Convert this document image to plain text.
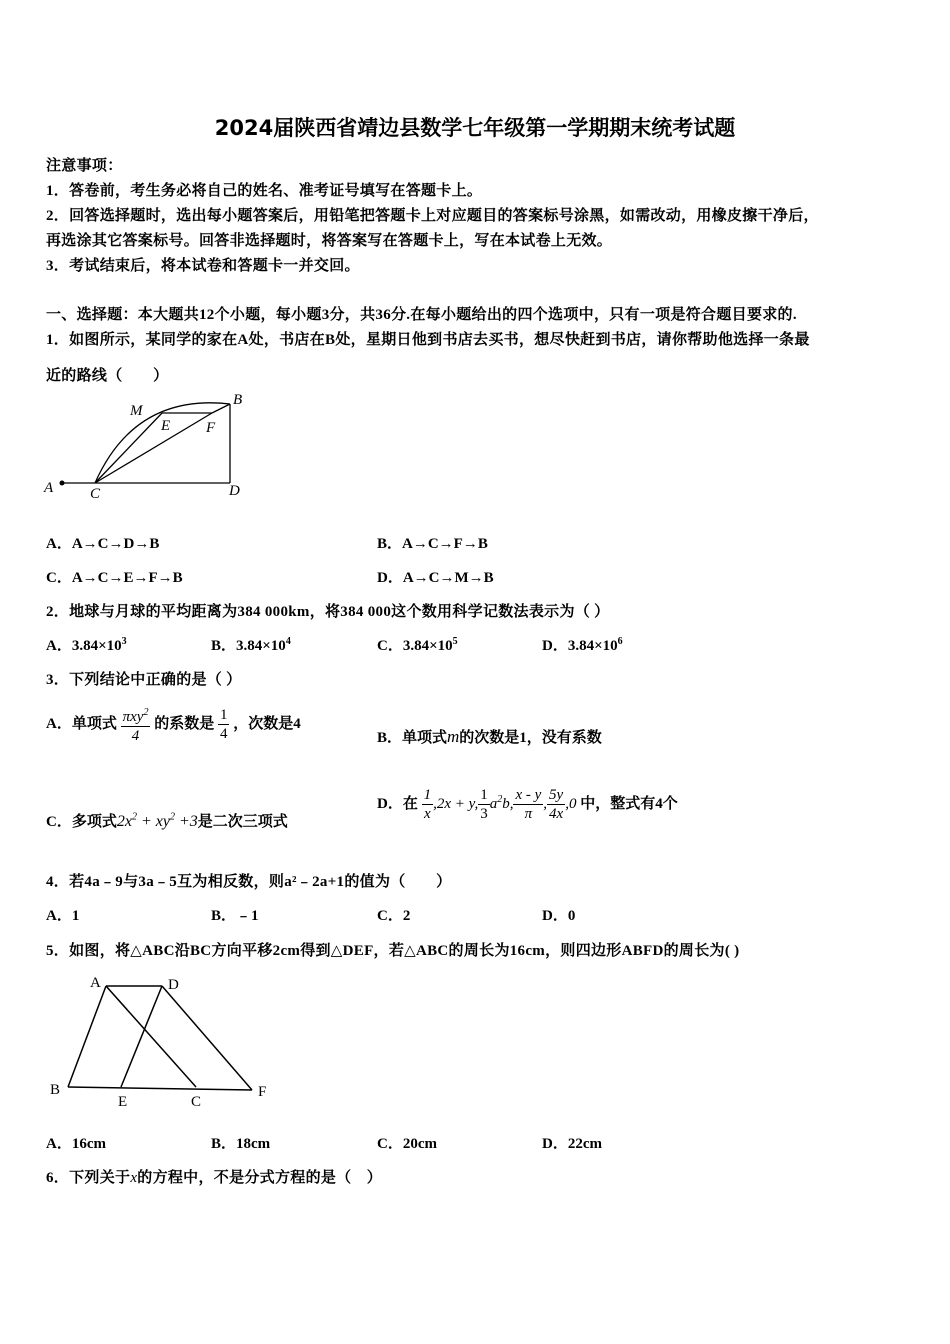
2024届陕西省靖边县数学七年级第一学期期末统考试题
注意事项：
1．答卷前，考生务必将自己的姓名、准考证号填写在答题卡上。
2．回答选择题时，选出每小题答案后，用铅笔把答题卡上对应题目的答案标号涂黑，如需改动，用橡皮擦干净后，
再选涂其它答案标号。回答非选择题时，将答案写在答题卡上，写在本试卷上无效。
3．考试结束后，将本试卷和答题卡一并交回。
一、选择题：本大题共12个小题，每小题3分，共36分.在每小题给出的四个选项中，只有一项是符合题目要求的.
1．如图所示，某同学的家在A处，书店在B处，星期日他到书店去买书，想尽快赶到书店，请你帮助他选择一条最
近的路线（　　）
A C	D
B
M
E F
A．A→C→D→B	B．A→C→F→B
C．A→C→E→F→B	D．A→C→M→B
2．地球与月球的平均距离为384 000km，将384 000这个数用科学记数法表示为（ ）
A．$3.84\times 10^3$	B．$3.84\times 10^4$	C．$3.84\times 10^5$	D．$3.84\times 10^6$
3．下列结论中正确的是（ ）
A．单项式 $\frac{\pi xy^2}{4}$ 的系数是 $\frac{1}{4}$ ，次数是4
B．单项式m的次数是1，没有系数
C．多项式$2x^2 + xy^2 +3$是二次三项式
D．在 $\frac{1}{x} ,2x + y$, $\frac{1}{3} a^2b$, $\frac{x - y}{\pi}$ , $\frac{5y}{4x} ,0$ 中，整式有4个
4．若4a﹣9与3a﹣5互为相反数，则a²﹣2a+1的值为（　　）
A．1	B．﹣1	C．2	D．0
5．如图，将△ABC沿BC方向平移2cm得到△DEF，若△ABC的周长为16cm，则四边形ABFD的周长为( )
A	D
B
E	C
F
A．16cm	B．18cm	C．20cm	D．22cm
6．下列关于x的方程中，不是分式方程的是（　）
